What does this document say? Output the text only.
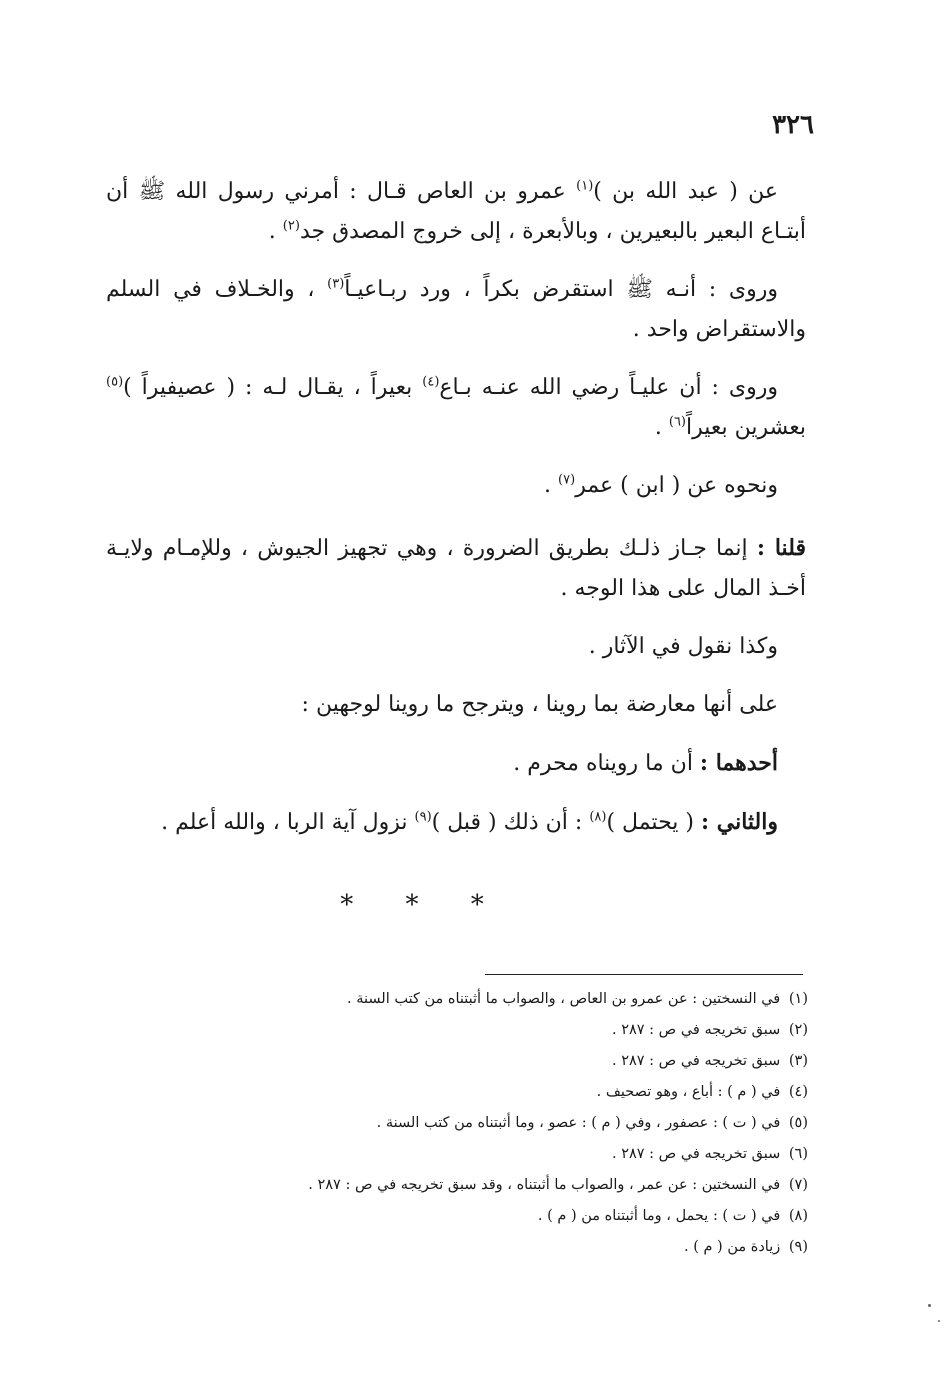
٣٢٦

عن ( عبد الله بن )$^{(١)}$ عمرو بن العاص قـال : أمرني رسول الله ﷺ أن أبتـاع البعير بالبعيرين ، وبالأبعرة ، إلى خروج المصدق جد$^{(٢)}$ .

وروى : أنـه ﷺ استقرض بكراً ، ورد ربـاعيـاً$^{(٣)}$ ، والخـلاف في السلم والاستقراض واحد .

وروى : أن عليـاً رضي الله عنـه بـاع$^{(٤)}$ بعيراً ، يقـال لـه : ( عصيفيراً )$^{(٥)}$ بعشرين بعيراً$^{(٦)}$ .

ونحوه عن ( ابن ) عمر$^{(٧)}$ .

قلنا : إنما جـاز ذلـك بطريق الضرورة ، وهي تجهيز الجيوش ، وللإمـام ولايـة أخـذ المال على هذا الوجه .

وكذا نقول في الآثار .

على أنها معارضة بما روينا ، ويترجح ما روينا لوجهين :

أحدهما : أن ما رويناه محرم .

والثاني : ( يحتمل )$^{(٨)}$ : أن ذلك ( قبل )$^{(٩)}$ نزول آية الربا ، والله أعلم .

* * *

(١) في النسختين : عن عمرو بن العاص ، والصواب ما أثبتناه من كتب السنة .

(٢) سبق تخريجه في ص : ٢٨٧ .

(٣) سبق تخريجه في ص : ٢٨٧ .

(٤) في ( م ) : أباع ، وهو تصحيف .

(٥) في ( ت ) : عصفور ، وفي ( م ) : عصو ، وما أثبتناه من كتب السنة .

(٦) سبق تخريجه في ص : ٢٨٧ .

(٧) في النسختين : عن عمر ، والصواب ما أثبتناه ، وقد سبق تخريجه في ص : ٢٨٧ .

(٨) في ( ت ) : يحمل ، وما أثبتناه من ( م ) .

(٩) زيادة من ( م ) .
